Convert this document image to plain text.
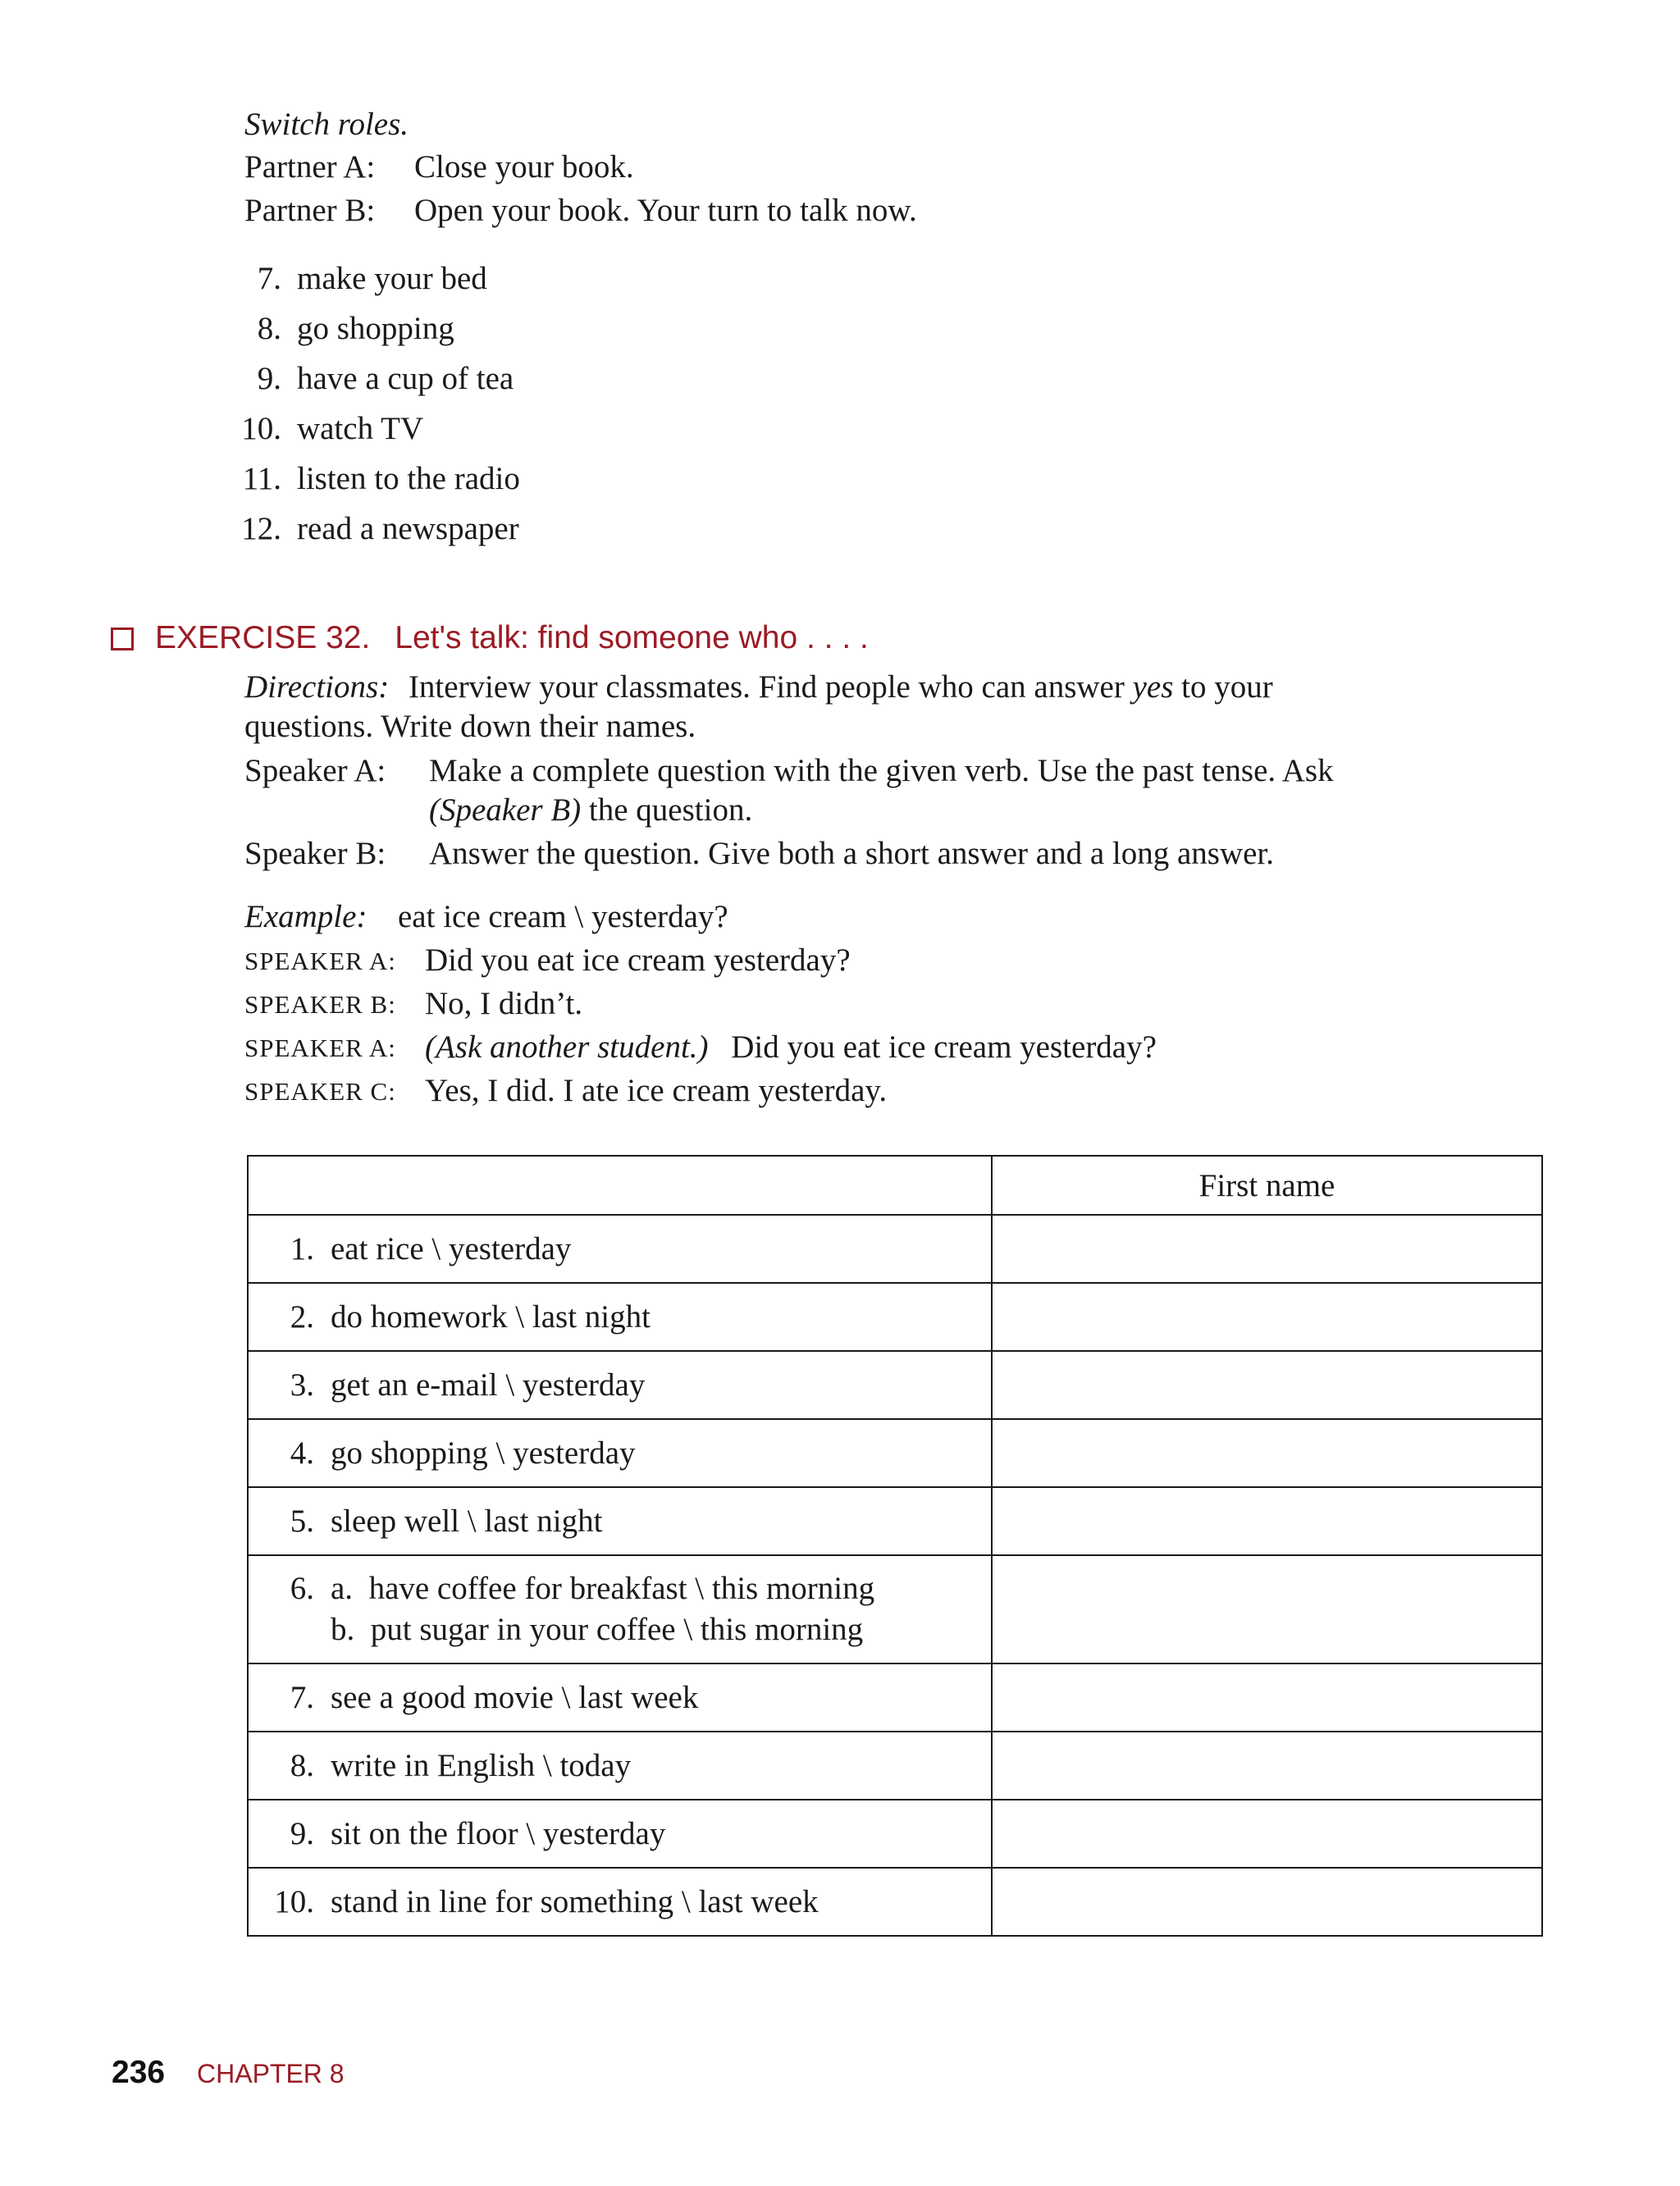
Switch roles.
Partner A: Close your book.
Partner B: Open your book. Your turn to talk now.
7. make your bed
8. go shopping
9. have a cup of tea
10. watch TV
11. listen to the radio
12. read a newspaper
EXERCISE 32. Let's talk: find someone who . . . .
Directions: Interview your classmates. Find people who can answer yes to your
questions. Write down their names.
Speaker A: Make a complete question with the given verb. Use the past tense. Ask
(Speaker B) the question.
Speaker B: Answer the question. Give both a short answer and a long answer.
Example: eat ice cream \ yesterday?
SPEAKER A: Did you eat ice cream yesterday?
SPEAKER B: No, I didn’t.
SPEAKER A: (Ask another student.) Did you eat ice cream yesterday?
SPEAKER C: Yes, I did. I ate ice cream yesterday.
	First name
1. eat rice \ yesterday	
2. do homework \ last night	
3. get an e-mail \ yesterday	
4. go shopping \ yesterday	
5. sleep well \ last night	

6. a. have coffee for breakfast \ this morning
b. put sugar in your coffee \ this morning	

7. see a good movie \ last week	
8. write in English \ today	
9. sit on the floor \ yesterday	
10. stand in line for something \ last week	
236 CHAPTER 8
